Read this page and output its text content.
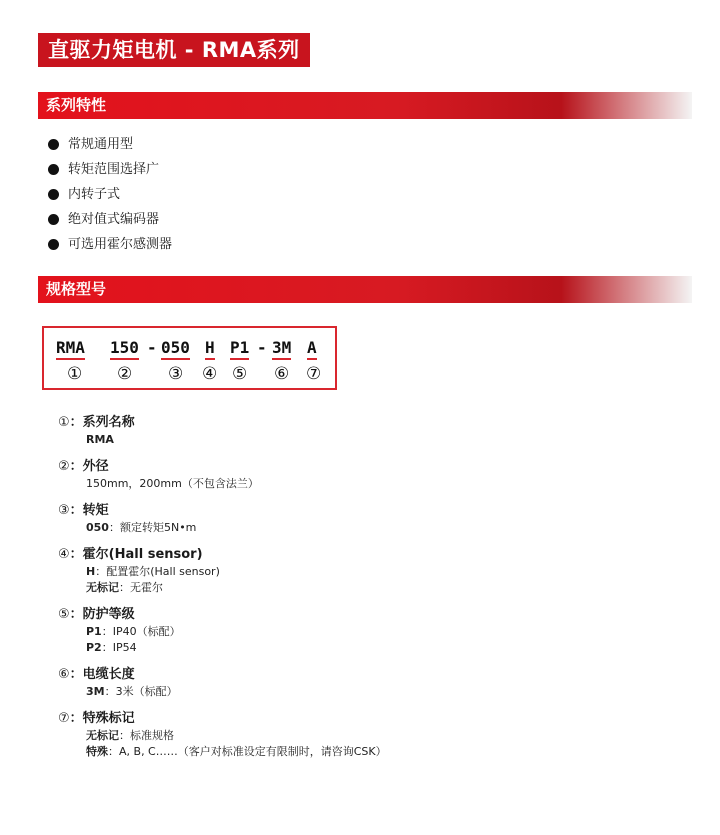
直驱力矩电机 - RMA系列
系列特性
常规通用型
转矩范围选择广
内转子式
绝对值式编码器
可选用霍尔感测器
规格型号
RMA 150 - 050 H P1 - 3M A
① ② ③ ④ ⑤ ⑥ ⑦
①：系列名称
RMA
②：外径
150mm，200mm（不包含法兰）
③：转矩
050：额定转矩5N•m
④：霍尔(Hall sensor)
H：配置霍尔(Hall sensor)
无标记：无霍尔
⑤：防护等级
P1：IP40（标配）
P2：IP54
⑥：电缆长度
3M：3米（标配）
⑦：特殊标记
无标记：标准规格
特殊：A, B, C……（客户对标准设定有限制时，请咨询CSK）
